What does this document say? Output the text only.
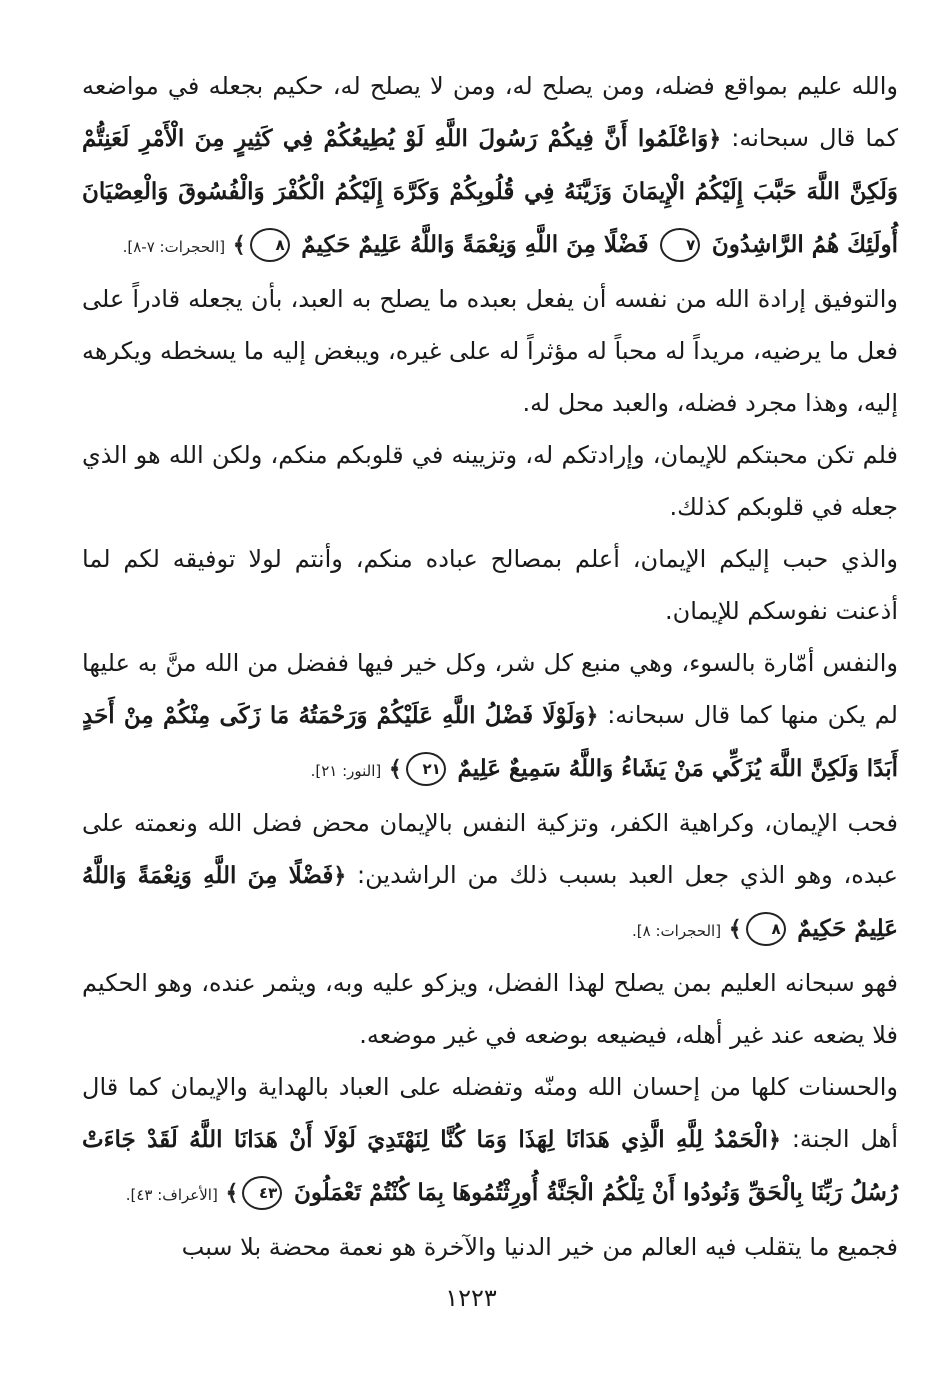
والله عليم بمواقع فضله، ومن يصلح له، ومن لا يصلح له، حكيم بجعله في مواضعه كما قال سبحانه: ﴿وَاعْلَمُوا أَنَّ فِيكُمْ رَسُولَ اللَّهِ لَوْ يُطِيعُكُمْ فِي كَثِيرٍ مِنَ الْأَمْرِ لَعَنِتُّمْ وَلَكِنَّ اللَّهَ حَبَّبَ إِلَيْكُمُ الْإِيمَانَ وَزَيَّنَهُ فِي قُلُوبِكُمْ وَكَرَّهَ إِلَيْكُمُ الْكُفْرَ وَالْفُسُوقَ وَالْعِصْيَانَ أُولَئِكَ هُمُ الرَّاشِدُونَ ٧ فَضْلًا مِنَ اللَّهِ وَنِعْمَةً وَاللَّهُ عَلِيمٌ حَكِيمٌ ٨﴾ [الحجرات: ٧-٨].

والتوفيق إرادة الله من نفسه أن يفعل بعبده ما يصلح به العبد، بأن يجعله قادراً على فعل ما يرضيه، مريداً له محباً له مؤثراً له على غيره، ويبغض إليه ما يسخطه ويكرهه إليه، وهذا مجرد فضله، والعبد محل له.

فلم تكن محبتكم للإيمان، وإرادتكم له، وتزيينه في قلوبكم منكم، ولكن الله هو الذي جعله في قلوبكم كذلك.

والذي حبب إليكم الإيمان، أعلم بمصالح عباده منكم، وأنتم لولا توفيقه لكم لما أذعنت نفوسكم للإيمان.

والنفس أمّارة بالسوء، وهي منبع كل شر، وكل خير فيها ففضل من الله منَّ به عليها لم يكن منها كما قال سبحانه: ﴿وَلَوْلَا فَضْلُ اللَّهِ عَلَيْكُمْ وَرَحْمَتُهُ مَا زَكَى مِنْكُمْ مِنْ أَحَدٍ أَبَدًا وَلَكِنَّ اللَّهَ يُزَكِّي مَنْ يَشَاءُ وَاللَّهُ سَمِيعٌ عَلِيمٌ ٢١﴾ [النور: ٢١].

فحب الإيمان، وكراهية الكفر، وتزكية النفس بالإيمان محض فضل الله ونعمته على عبده، وهو الذي جعل العبد بسبب ذلك من الراشدين: ﴿فَضْلًا مِنَ اللَّهِ وَنِعْمَةً وَاللَّهُ عَلِيمٌ حَكِيمٌ ٨﴾ [الحجرات: ٨].

فهو سبحانه العليم بمن يصلح لهذا الفضل، ويزكو عليه وبه، ويثمر عنده، وهو الحكيم فلا يضعه عند غير أهله، فيضيعه بوضعه في غير موضعه.

والحسنات كلها من إحسان الله ومنّه وتفضله على العباد بالهداية والإيمان كما قال أهل الجنة: ﴿الْحَمْدُ لِلَّهِ الَّذِي هَدَانَا لِهَذَا وَمَا كُنَّا لِنَهْتَدِيَ لَوْلَا أَنْ هَدَانَا اللَّهُ لَقَدْ جَاءَتْ رُسُلُ رَبِّنَا بِالْحَقِّ وَنُودُوا أَنْ تِلْكُمُ الْجَنَّةُ أُورِثْتُمُوهَا بِمَا كُنْتُمْ تَعْمَلُونَ ٤٣﴾ [الأعراف: ٤٣].

فجميع ما يتقلب فيه العالم من خير الدنيا والآخرة هو نعمة محضة بلا سبب

١٢٢٣
